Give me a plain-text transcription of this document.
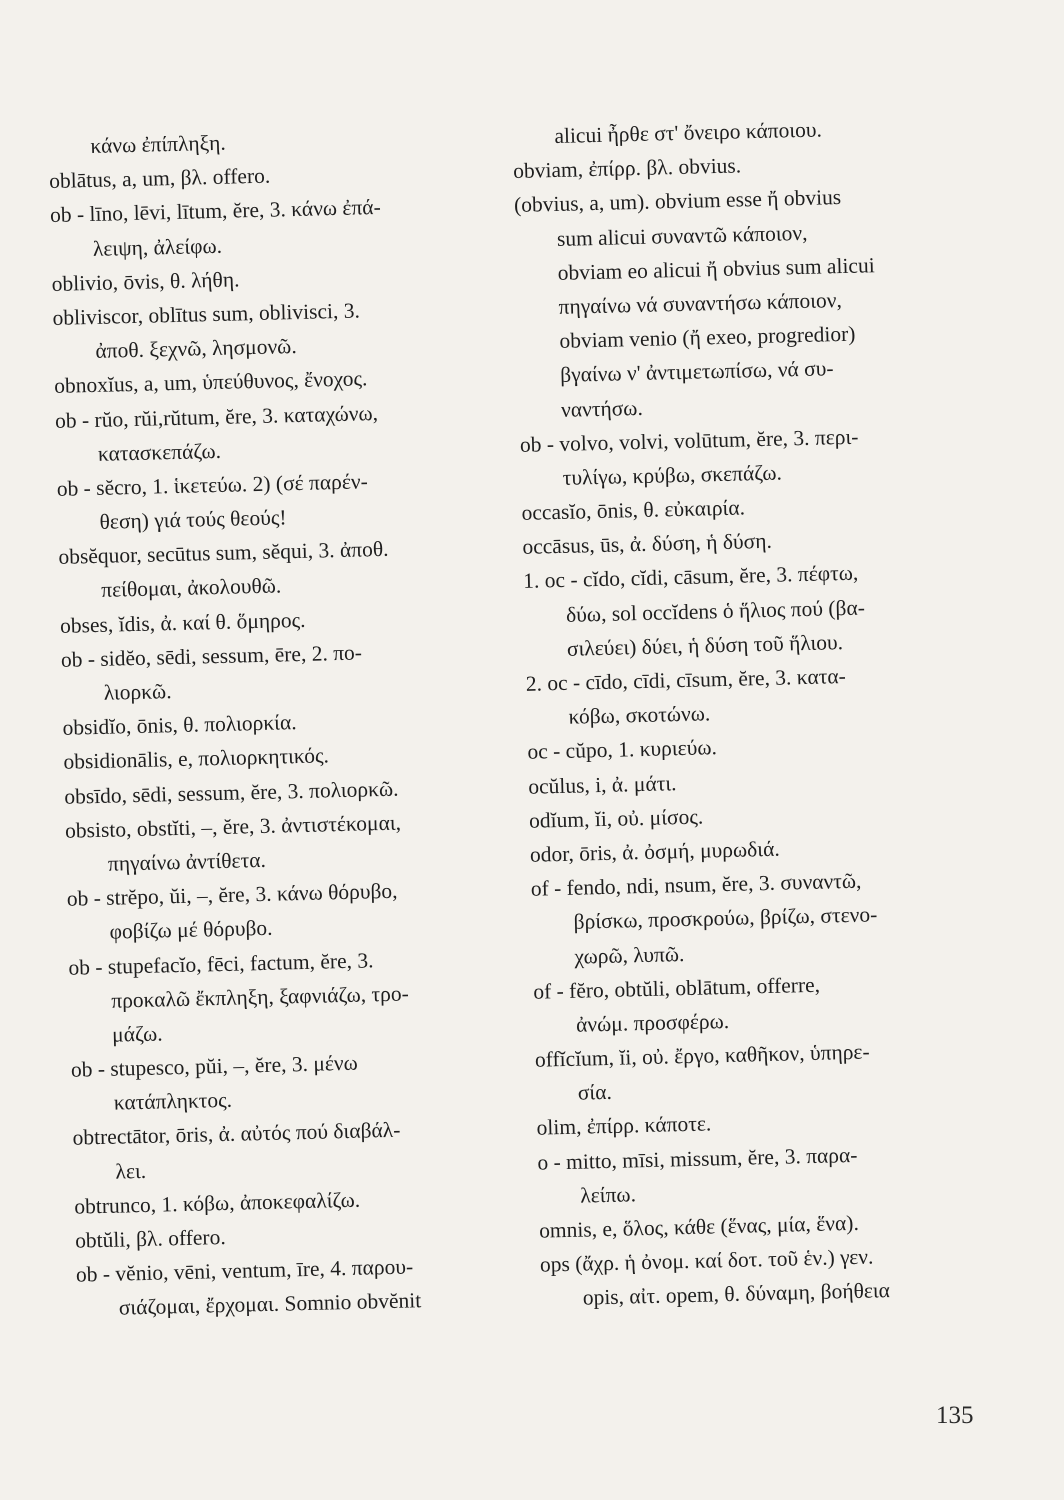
κάνω ἐπίπληξη.
oblātus, a, um, βλ. offero.
ob - līno, lēvi, lītum, ĕre, 3. κάνω ἐπά-
λειψη, ἀλείφω.
oblivio, ōvis, θ. λήθη.
obliviscor, oblītus sum, oblivisci, 3.
ἀποθ. ξεχνῶ, λησμονῶ.
obnoxĭus, a, um, ὑπεύθυνος, ἔνοχος.
ob - rŭo, rŭi,rŭtum, ĕre, 3. καταχώνω,
κατασκεπάζω.
ob - sĕcro, 1. ἱκετεύω. 2) (σέ παρέν-
θεση) γιά τούς θεούς!
obsĕquor, secūtus sum, sĕqui, 3. ἀποθ.
πείθομαι, ἀκολουθῶ.
obses, ĭdis, ἀ. καί θ. ὅμηρος.
ob - sidĕo, sēdi, sessum, ēre, 2. πο-
λιορκῶ.
obsidĭo, ōnis, θ. πολιορκία.
obsidionālis, e, πολιορκητικός.
obsīdo, sēdi, sessum, ĕre, 3. πολιορκῶ.
obsisto, obstĭti, –, ĕre, 3. ἀντιστέκομαι,
πηγαίνω ἀντίθετα.
ob - strĕpo, ŭi, –, ĕre, 3. κάνω θόρυβο,
φοβίζω μέ θόρυβο.
ob - stupefacĭo, fēci, factum, ĕre, 3.
προκαλῶ ἔκπληξη, ξαφνιάζω, τρο-
μάζω.
ob - stupesco, pŭi, –, ĕre, 3. μένω
κατάπληκτος.
obtrectātor, ōris, ἀ. αὐτός πού διαβάλ-
λει.
obtrunco, 1. κόβω, ἀποκεφαλίζω.
obtŭli, βλ. offero.
ob - vĕnio, vēni, ventum, īre, 4. παρου-
σιάζομαι, ἔρχομαι. Somnio obvĕnit
alicui ἦρθε στ' ὄνειρο κάποιου.
obviam, ἐπίρρ. βλ. obvius.
(obvius, a, um). obvium esse ἤ obvius
sum alicui συναντῶ κάποιον,
obviam eo alicui ἤ obvius sum alicui
πηγαίνω νά συναντήσω κάποιον,
obviam venio (ἤ exeo, progredior)
βγαίνω ν' ἀντιμετωπίσω, νά συ-
ναντήσω.
ob - volvo, volvi, volūtum, ĕre, 3. περι-
τυλίγω, κρύβω, σκεπάζω.
occasĭo, ōnis, θ. εὐκαιρία.
occāsus, ūs, ἀ. δύση, ἡ δύση.
1. oc - cĭdo, cĭdi, cāsum, ĕre, 3. πέφτω,
δύω, sol occĭdens ὁ ἥλιος πού (βα-
σιλεύει) δύει, ἡ δύση τοῦ ἥλιου.
2. oc - cīdo, cīdi, cīsum, ĕre, 3. κατα-
κόβω, σκοτώνω.
oc - cŭpo, 1. κυριεύω.
ocŭlus, i, ἀ. μάτι.
odĭum, ĭi, οὐ. μίσος.
odor, ōris, ἀ. ὀσμή, μυρωδιά.
of - fendo, ndi, nsum, ĕre, 3. συναντῶ,
βρίσκω, προσκρούω, βρίζω, στενο-
χωρῶ, λυπῶ.
of - fĕro, obtŭli, oblātum, offerre,
ἀνώμ. προσφέρω.
offĭcĭum, ĭi, οὐ. ἔργο, καθῆκον, ὑπηρε-
σία.
olim, ἐπίρρ. κάποτε.
o - mitto, mīsi, missum, ĕre, 3. παρα-
λείπω.
omnis, e, ὅλος, κάθε (ἕνας, μία, ἕνα).
ops (ἄχρ. ἡ ὀνομ. καί δοτ. τοῦ ἑν.) γεν.
opis, αἰτ. opem, θ. δύναμη, βοήθεια
135
